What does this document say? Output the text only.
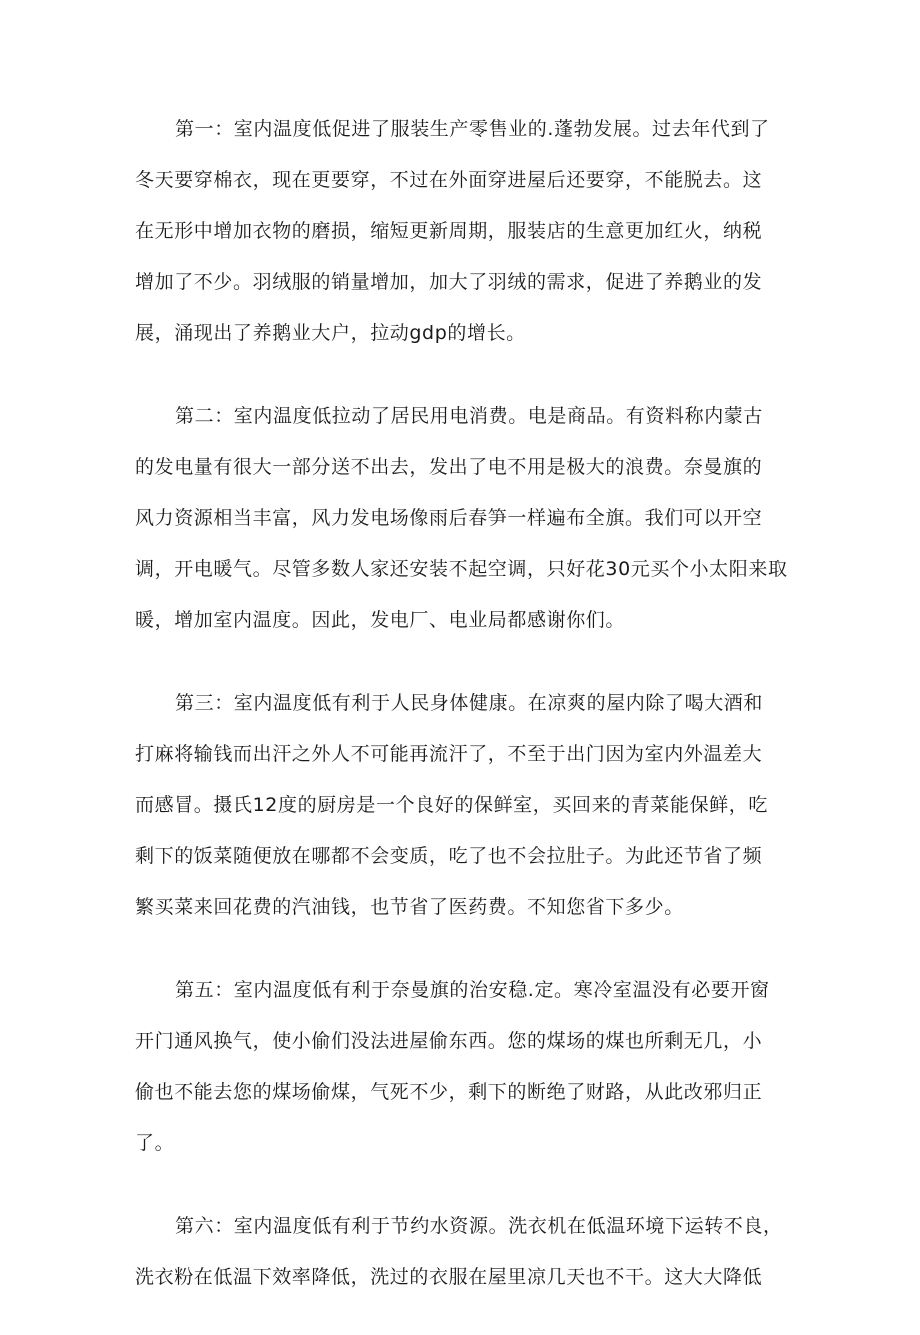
第一：室内温度低促进了服装生产零售业的.蓬勃发展。过去年代到了
冬天要穿棉衣，现在更要穿，不过在外面穿进屋后还要穿，不能脱去。这
在无形中增加衣物的磨损，缩短更新周期，服装店的生意更加红火，纳税
增加了不少。羽绒服的销量增加，加大了羽绒的需求，促进了养鹅业的发
展，涌现出了养鹅业大户，拉动gdp的增长。

第二：室内温度低拉动了居民用电消费。电是商品。有资料称内蒙古
的发电量有很大一部分送不出去，发出了电不用是极大的浪费。奈曼旗的
风力资源相当丰富，风力发电场像雨后春笋一样遍布全旗。我们可以开空
调，开电暖气。尽管多数人家还安装不起空调，只好花30元买个小太阳来取
暖，增加室内温度。因此，发电厂、电业局都感谢你们。

第三：室内温度低有利于人民身体健康。在凉爽的屋内除了喝大酒和
打麻将输钱而出汗之外人不可能再流汗了，不至于出门因为室内外温差大
而感冒。摄氏12度的厨房是一个良好的保鲜室，买回来的青菜能保鲜，吃
剩下的饭菜随便放在哪都不会变质，吃了也不会拉肚子。为此还节省了频
繁买菜来回花费的汽油钱，也节省了医药费。不知您省下多少。

第五：室内温度低有利于奈曼旗的治安稳.定。寒冷室温没有必要开窗
开门通风换气，使小偷们没法进屋偷东西。您的煤场的煤也所剩无几，小
偷也不能去您的煤场偷煤，气死不少，剩下的断绝了财路，从此改邪归正
了。

第六：室内温度低有利于节约水资源。洗衣机在低温环境下运转不良，
洗衣粉在低温下效率降低，洗过的衣服在屋里凉几天也不干。这大大降低
